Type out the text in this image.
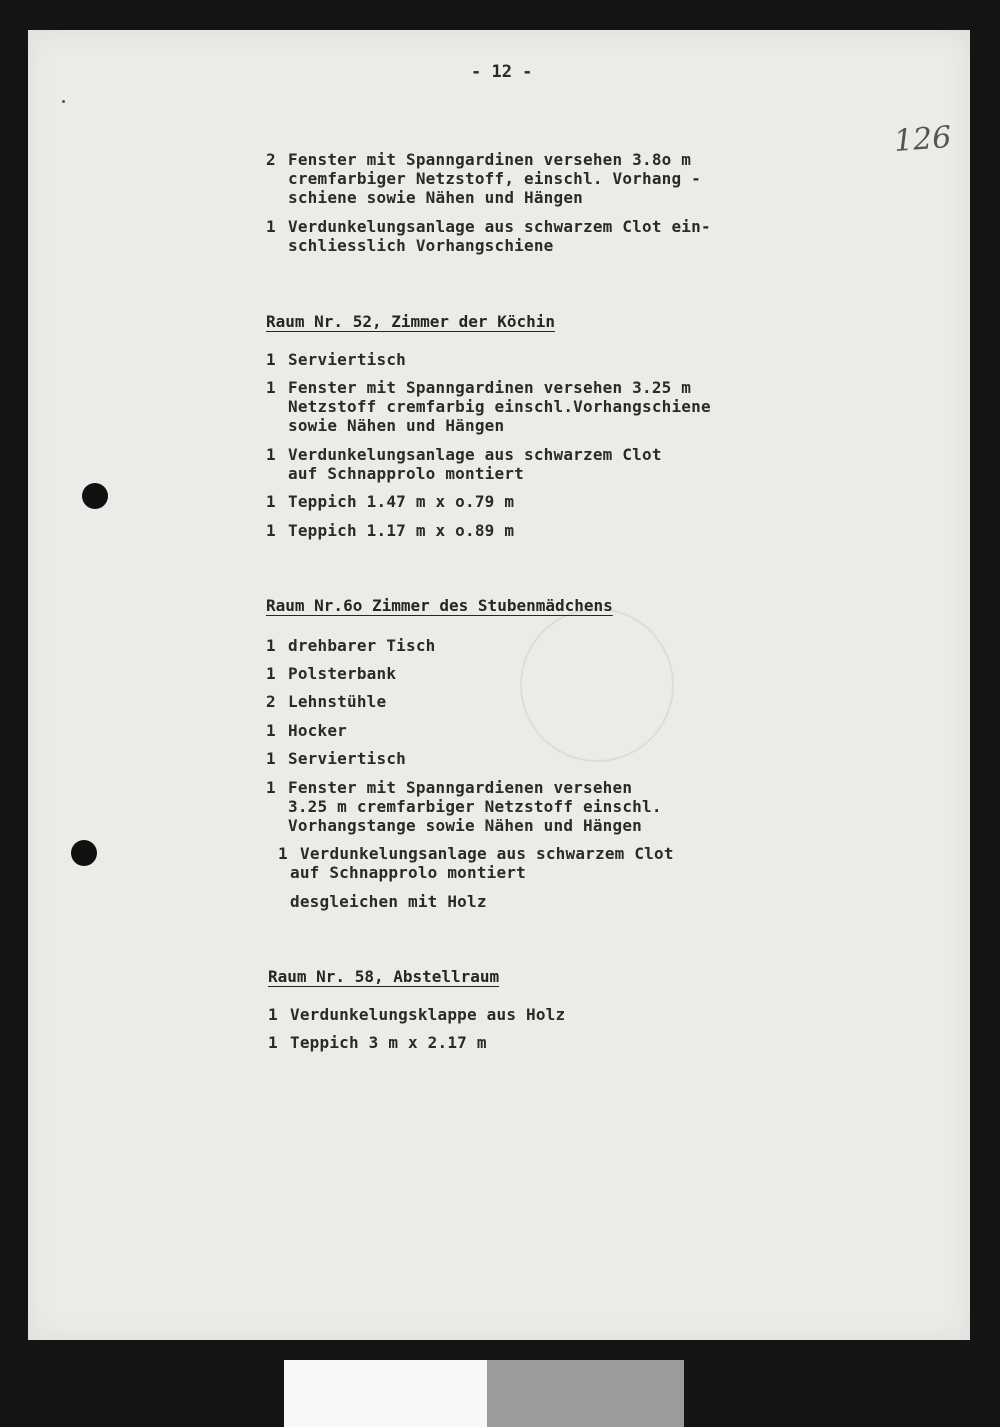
- 12 -
126
2 Fenster mit Spanngardinen versehen 3.8o m
cremfarbiger Netzstoff, einschl. Vorhang -
schiene sowie Nähen und Hängen
1 Verdunkelungsanlage aus schwarzem Clot ein-
schliesslich Vorhangschiene
Raum Nr. 52, Zimmer der Köchin
1 Serviertisch
1 Fenster mit Spanngardinen versehen 3.25 m
Netzstoff cremfarbig einschl.Vorhangschiene
sowie Nähen und Hängen
1 Verdunkelungsanlage aus schwarzem Clot
auf Schnapprolo montiert
1 Teppich 1.47 m x o.79 m
1 Teppich 1.17 m x o.89 m
Raum Nr.6o Zimmer des Stubenmädchens
1 drehbarer Tisch
1 Polsterbank
2 Lehnstühle
1 Hocker
1 Serviertisch
1 Fenster mit Spanngardienen versehen
3.25 m cremfarbiger Netzstoff einschl.
Vorhangstange sowie Nähen und Hängen
1 Verdunkelungsanlage aus schwarzem Clot
auf Schnapprolo montiert
desgleichen mit Holz
Raum Nr. 58, Abstellraum
1 Verdunkelungsklappe aus Holz
1 Teppich 3 m x 2.17 m
